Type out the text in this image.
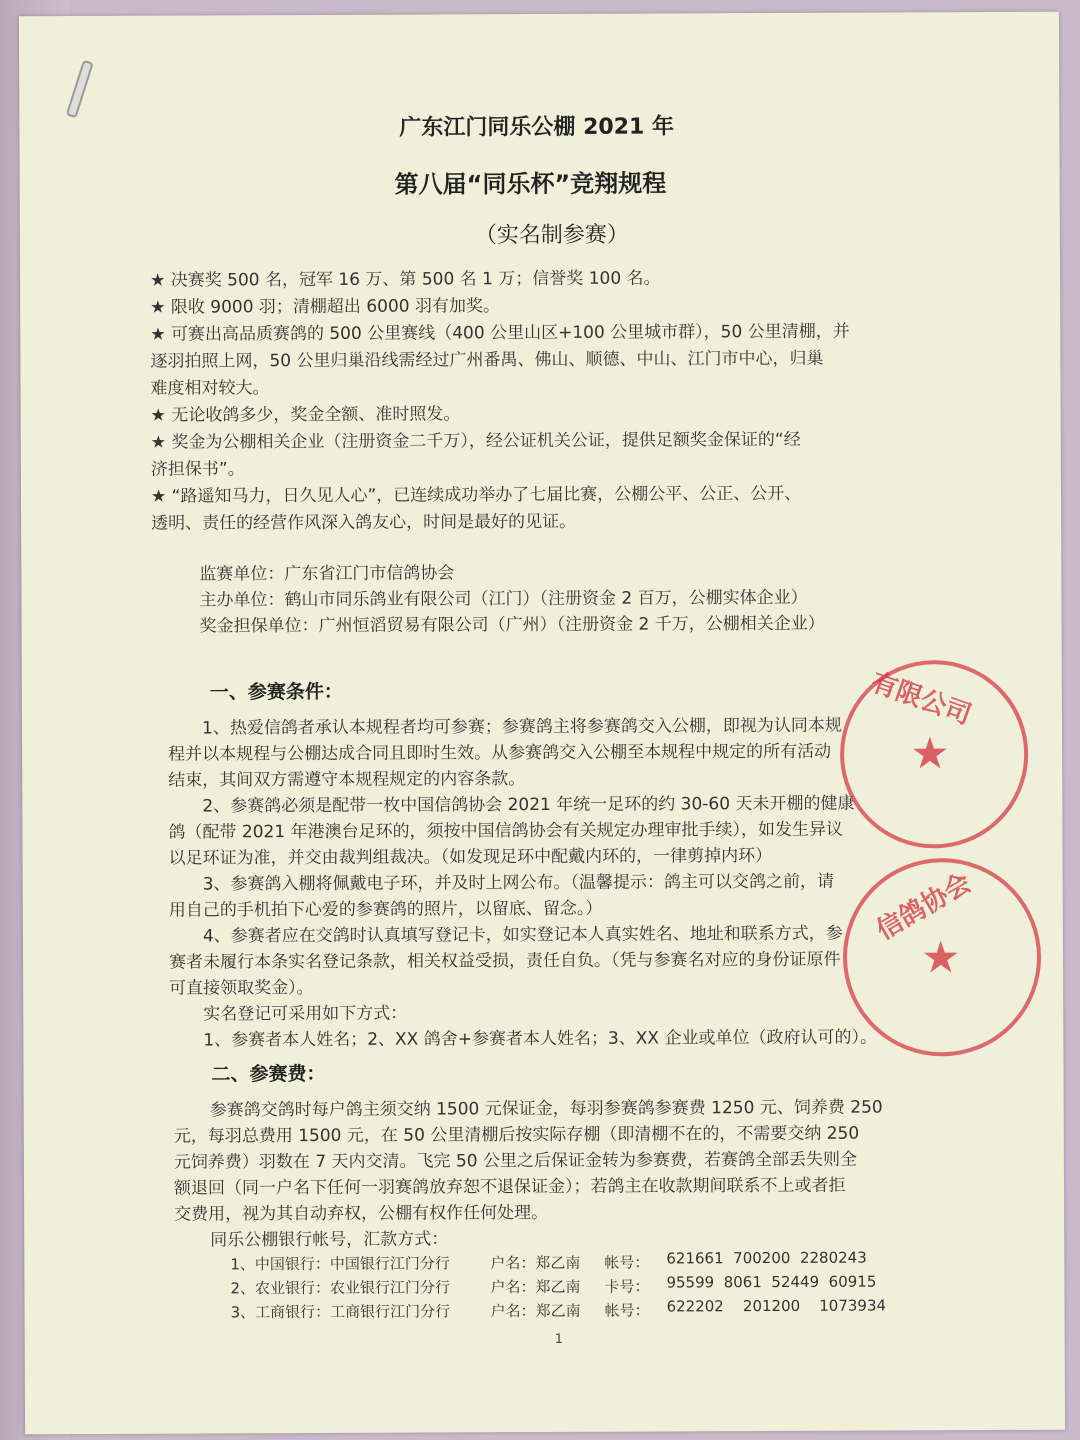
广东江门同乐公棚 2021 年
第八届“同乐杯”竞翔规程
（实名制参赛）
★ 决赛奖 500 名，冠军 16 万、第 500 名 1 万；信誉奖 100 名。
★ 限收 9000 羽；清棚超出 6000 羽有加奖。
★ 可赛出高品质赛鸽的 500 公里赛线（400 公里山区+100 公里城市群），50 公里清棚，并
逐羽拍照上网，50 公里归巢沿线需经过广州番禺、佛山、顺德、中山、江门市中心，归巢
难度相对较大。
★ 无论收鸽多少，奖金全额、准时照发。
★ 奖金为公棚相关企业（注册资金二千万），经公证机关公证，提供足额奖金保证的“经
济担保书”。
★ “路遥知马力，日久见人心”，已连续成功举办了七届比赛，公棚公平、公正、公开、
透明、责任的经营作风深入鸽友心，时间是最好的见证。
监赛单位：广东省江门市信鸽协会
主办单位：鹤山市同乐鸽业有限公司（江门）（注册资金 2 百万，公棚实体企业）
奖金担保单位：广州恒滔贸易有限公司（广州）（注册资金 2 千万，公棚相关企业）
一、参赛条件：
1、热爱信鸽者承认本规程者均可参赛；参赛鸽主将参赛鸽交入公棚，即视为认同本规
程并以本规程与公棚达成合同且即时生效。从参赛鸽交入公棚至本规程中规定的所有活动
结束，其间双方需遵守本规程规定的内容条款。
2、参赛鸽必须是配带一枚中国信鸽协会 2021 年统一足环的约 30-60 天未开棚的健康
鸽（配带 2021 年港澳台足环的，须按中国信鸽协会有关规定办理审批手续），如发生异议
以足环证为准，并交由裁判组裁决。（如发现足环中配戴内环的，一律剪掉内环）
3、参赛鸽入棚将佩戴电子环，并及时上网公布。（温馨提示：鸽主可以交鸽之前，请
用自己的手机拍下心爱的参赛鸽的照片，以留底、留念。）
4、参赛者应在交鸽时认真填写登记卡，如实登记本人真实姓名、地址和联系方式，参
赛者未履行本条实名登记条款，相关权益受损，责任自负。（凭与参赛名对应的身份证原件
可直接领取奖金）。
实名登记可采用如下方式：
1、参赛者本人姓名；2、XX 鸽舍+参赛者本人姓名；3、XX 企业或单位（政府认可的）。
二、参赛费：
参赛鸽交鸽时每户鸽主须交纳 1500 元保证金，每羽参赛鸽参赛费 1250 元、饲养费 250
元，每羽总费用 1500 元，在 50 公里清棚后按实际存棚（即清棚不在的，不需要交纳 250
元饲养费）羽数在 7 天内交清。飞完 50 公里之后保证金转为参赛费，若赛鸽全部丢失则全
额退回（同一户名下任何一羽赛鸽放弃恕不退保证金）；若鸽主在收款期间联系不上或者拒
交费用，视为其自动弃权，公棚有权作任何处理。
同乐公棚银行帐号，汇款方式：
1、中国银行：中国银行江门分行	户名：郑乙南 帐号： 621661  700200  2280243
2、农业银行：农业银行江门分行	户名：郑乙南 卡号： 95599  8061  52449  60915
3、工商银行：工商银行江门分行	户名：郑乙南 帐号： 622202    201200    1073934
1
有限公司
★
信鸽协会
★
